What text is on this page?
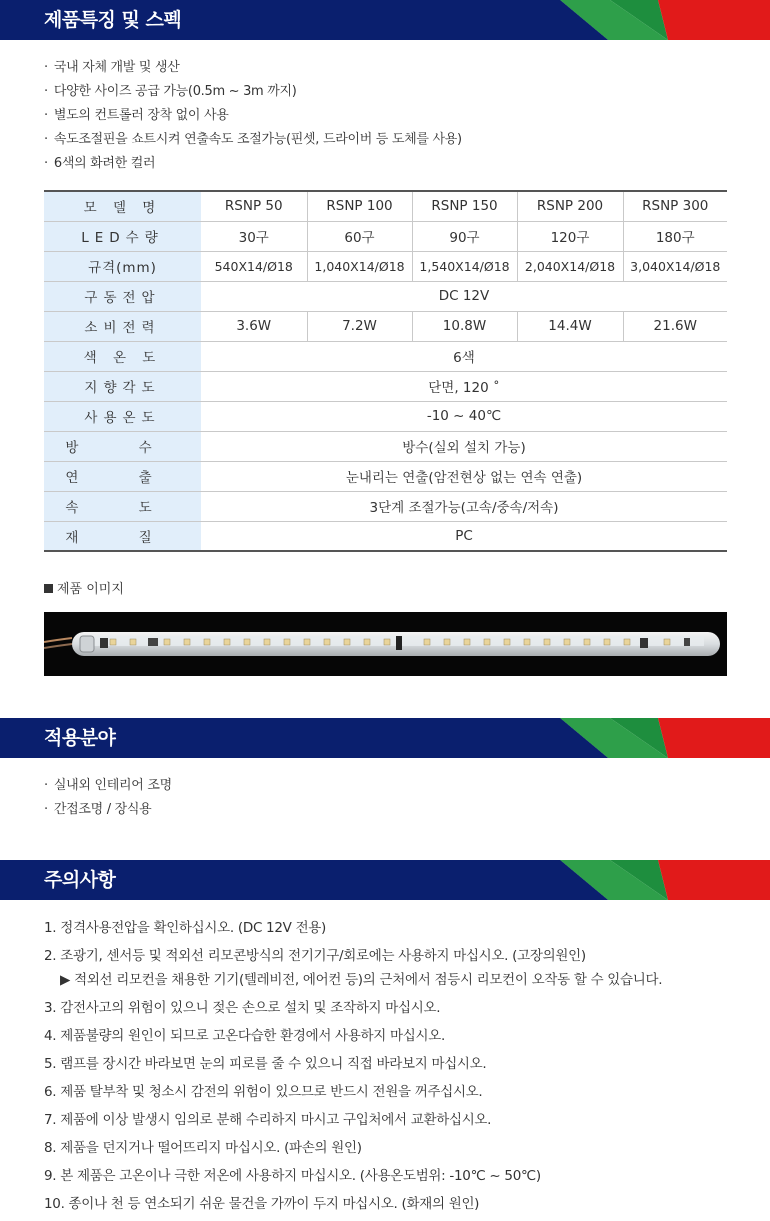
제품특징 및 스펙
· 국내 자체 개발 및 생산
· 다양한 사이즈 공급 가능(0.5m ~ 3m 까지)
· 별도의 컨트롤러 장착 없이 사용
· 속도조절핀을 쇼트시켜 연출속도 조절가능(핀셋, 드라이버 등 도체를 사용)
· 6색의 화려한 컬러
모 델 명	RSNP 50	RSNP 100	RSNP 150	RSNP 200	RSNP 300
LED수량	30구	60구	90구	120구	180구
규격(mm)	540X14/Ø18	1,040X14/Ø18	1,540X14/Ø18	2,040X14/Ø18	3,040X14/Ø18
구동전압	DC 12V				
소비전력	3.6W	7.2W	10.8W	14.4W	21.6W
색 온 도	6색				
지향각도	단면, 120 ˚				
사용온도	-10 ~ 40℃				
방 수	방수(실외 설치 가능)				
연 출	눈내리는 연출(암전현상 없는 연속 연출)				
속 도	3단계 조절가능(고속/중속/저속)				
재 질	PC				
제품 이미지
적용분야
· 실내외 인테리어 조명
· 간접조명 / 장식용
주의사항
1. 정격사용전압을 확인하십시오. (DC 12V 전용)
2. 조광기, 센서등 및 적외선 리모콘방식의 전기기구/회로에는 사용하지 마십시오. (고장의원인)
▶ 적외선 리모컨을 채용한 기기(텔레비전, 에어컨 등)의 근처에서 점등시 리모컨이 오작동 할 수 있습니다.
3. 감전사고의 위험이 있으니 젖은 손으로 설치 및 조작하지 마십시오.
4. 제품불량의 원인이 되므로 고온다습한 환경에서 사용하지 마십시오.
5. 램프를 장시간 바라보면 눈의 피로를 줄 수 있으니 직접 바라보지 마십시오.
6. 제품 탈부착 및 청소시 감전의 위험이 있으므로 반드시 전원을 꺼주십시오.
7. 제품에 이상 발생시 임의로 분해 수리하지 마시고 구입처에서 교환하십시오.
8. 제품을 던지거나 떨어뜨리지 마십시오. (파손의 원인)
9. 본 제품은 고온이나 극한 저온에 사용하지 마십시오. (사용온도범위: -10℃ ~ 50℃)
10. 종이나 천 등 연소되기 쉬운 물건을 가까이 두지 마십시오. (화재의 원인)
